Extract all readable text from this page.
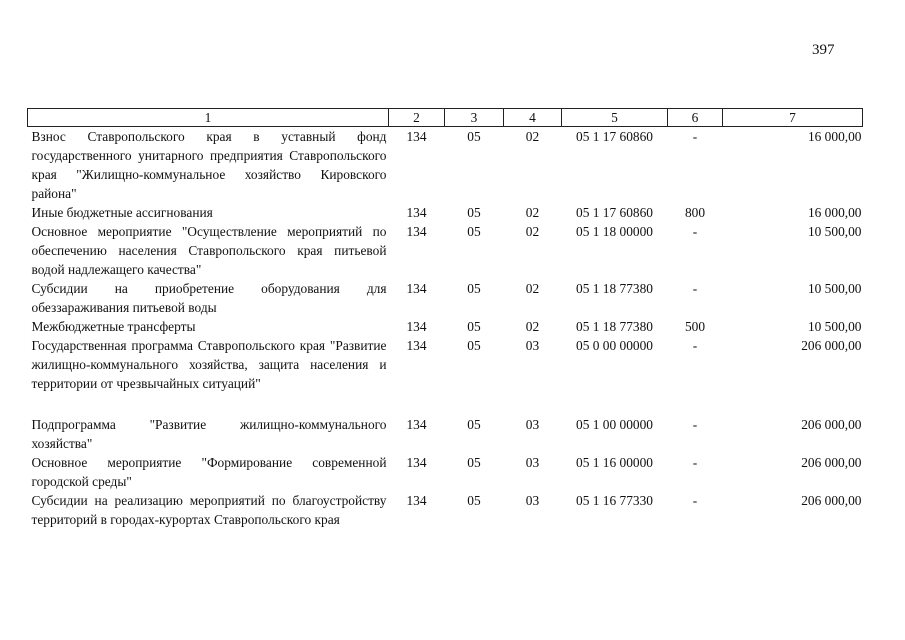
397
1	2	3	4	5	6	7
Взнос Ставропольского края в уставный фонд государственного унитарного предприятия Ставропольского края "Жилищно-коммунальное хозяйство Кировского района"	134	05	02	05 1 17 60860	-	16 000,00
Иные бюджетные ассигнования	134	05	02	05 1 17 60860	800	16 000,00
Основное мероприятие "Осуществление мероприятий по обеспечению населения Ставропольского края питьевой водой надлежащего качества"	134	05	02	05 1 18 00000	-	10 500,00
Субсидии на приобретение оборудования для обеззараживания питьевой воды	134	05	02	05 1 18 77380	-	10 500,00
Межбюджетные трансферты	134	05	02	05 1 18 77380	500	10 500,00
Государственная программа Ставропольского края "Развитие жилищно-коммунального хозяйства, защита населения и территории от чрезвычайных ситуаций"	134	05	03	05 0 00 00000	-	206 000,00

Подпрограмма "Развитие жилищно-коммунального хозяйства"	134	05	03	05 1 00 00000	-	206 000,00
Основное мероприятие "Формирование современной городской среды"	134	05	03	05 1 16 00000	-	206 000,00
Субсидии на реализацию мероприятий по благоустройству территорий в городах-курортах Ставропольского края	134	05	03	05 1 16 77330	-	206 000,00
